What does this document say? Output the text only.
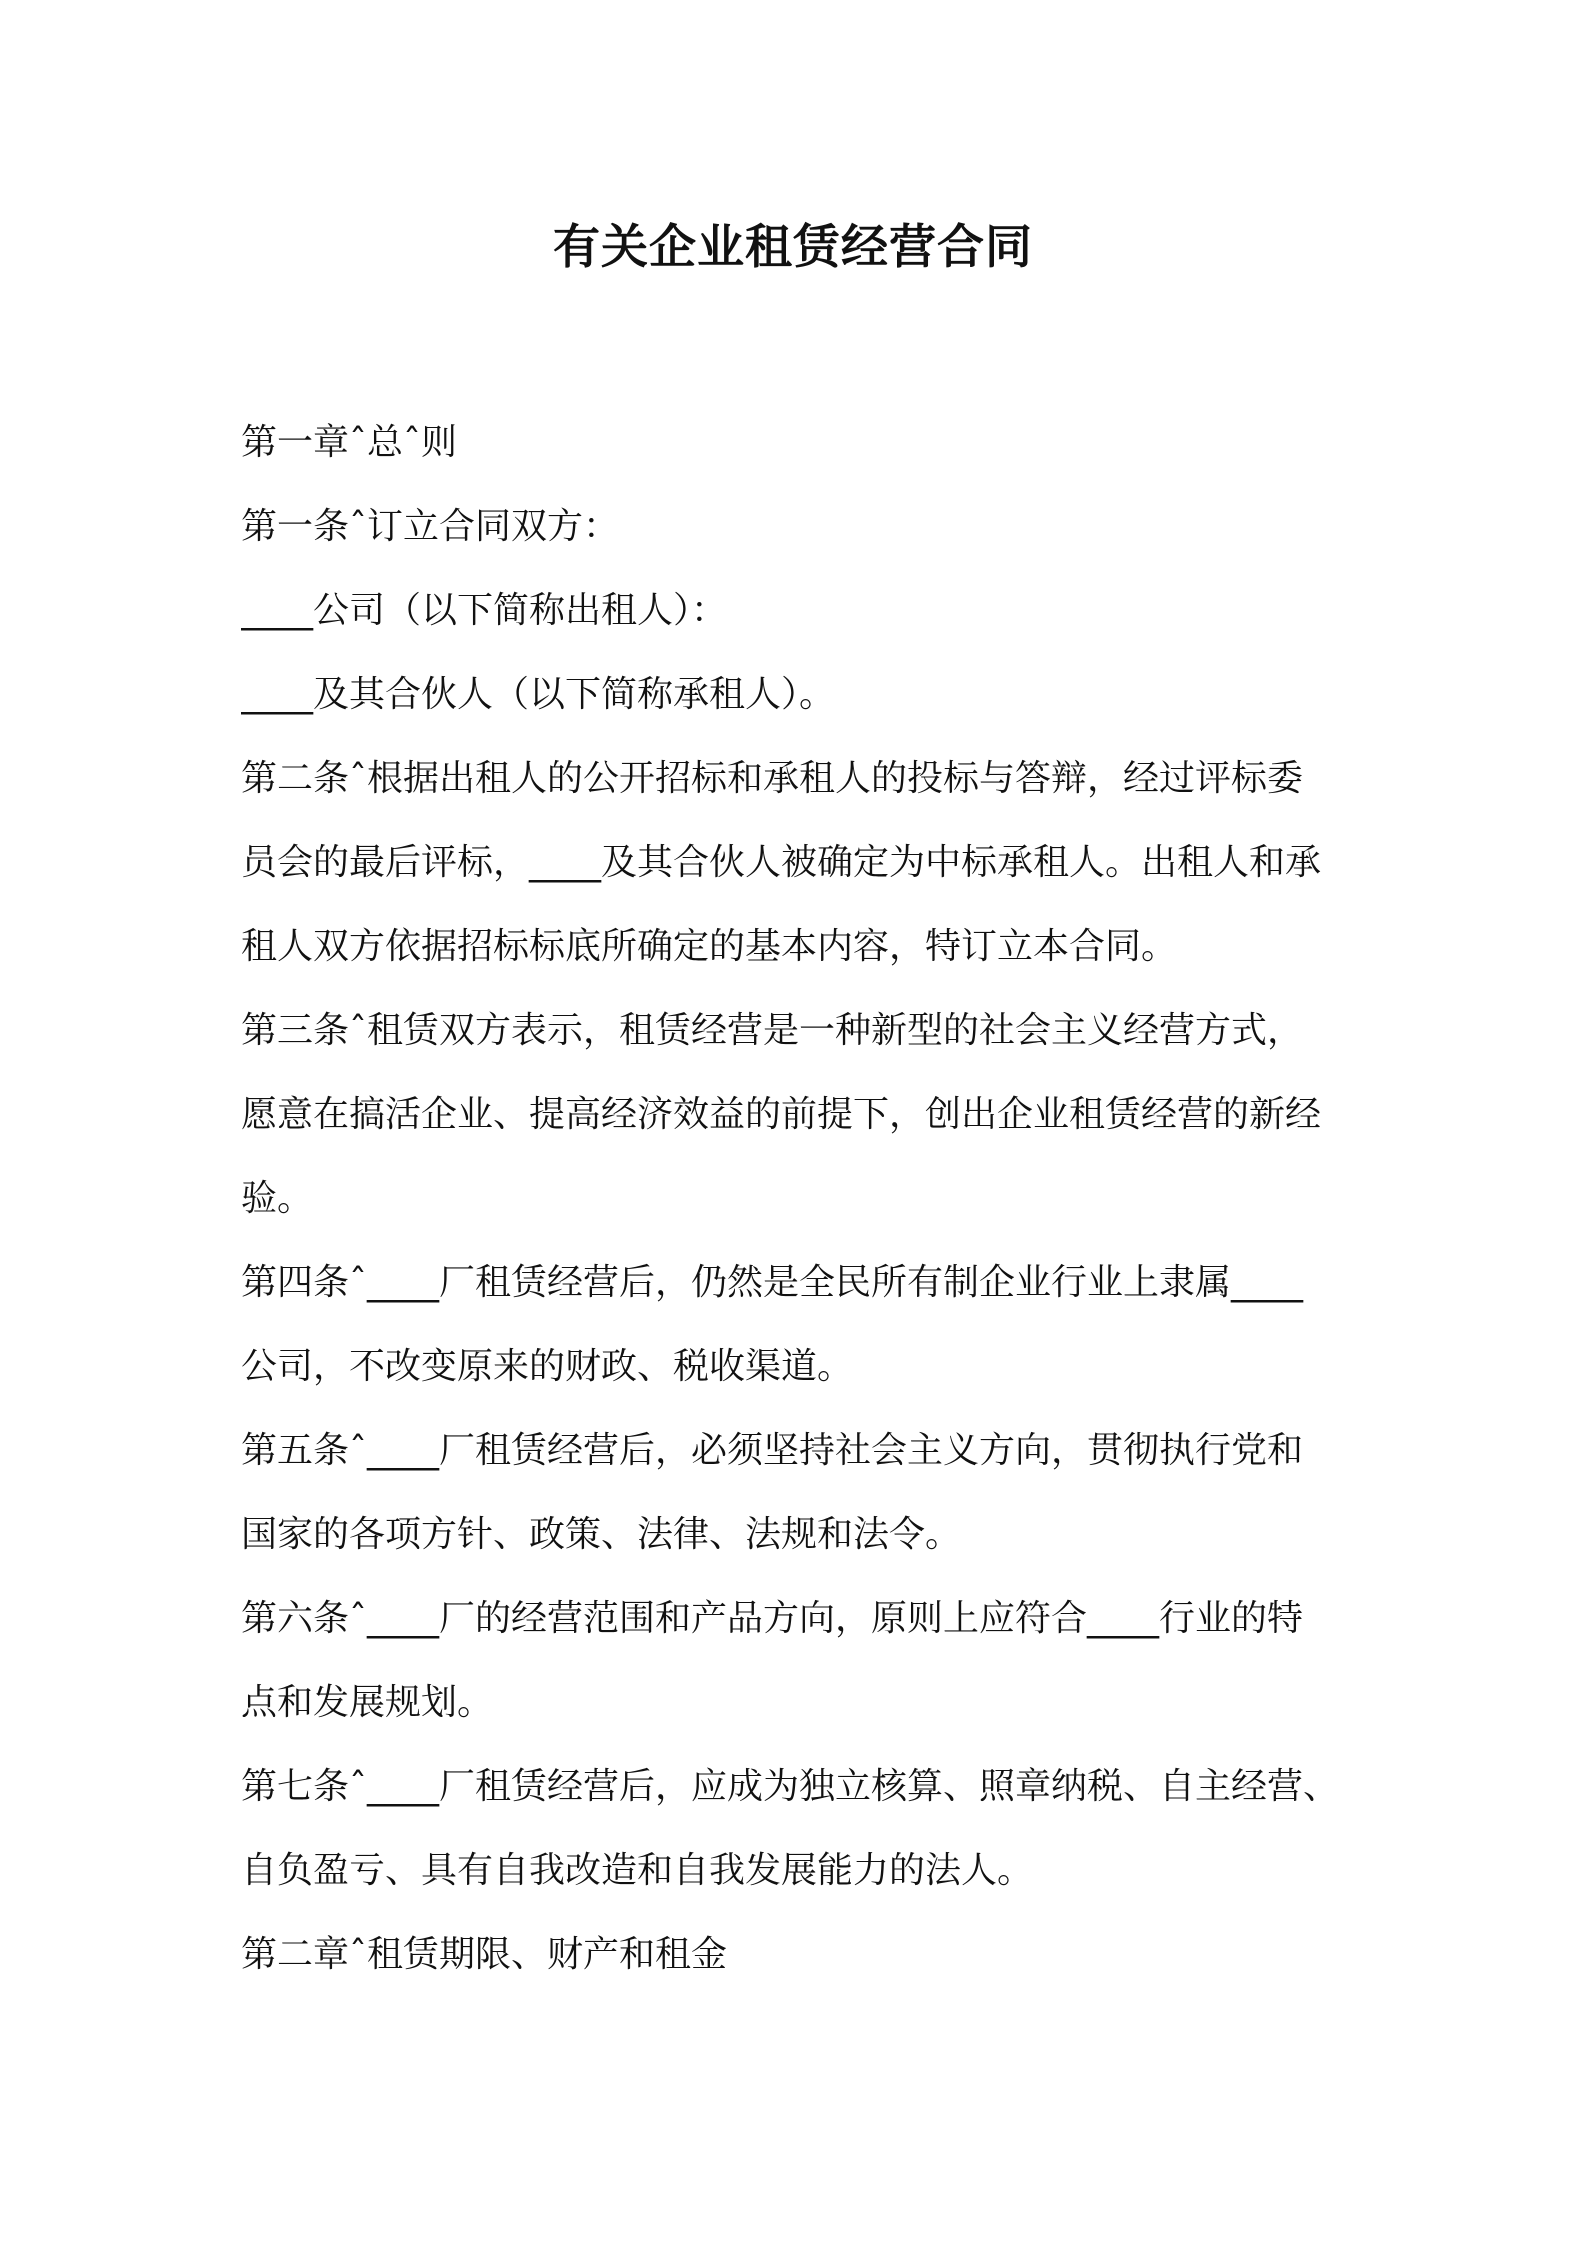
有关企业租赁经营合同
第一章ˆ总ˆ则
第一条ˆ订立合同双方：
____公司（以下简称出租人）：
____及其合伙人（以下简称承租人）。
第二条ˆ根据出租人的公开招标和承租人的投标与答辩，经过评标委
员会的最后评标，____及其合伙人被确定为中标承租人。出租人和承
租人双方依据招标标底所确定的基本内容，特订立本合同。
第三条ˆ租赁双方表示，租赁经营是一种新型的社会主义经营方式，
愿意在搞活企业、提高经济效益的前提下，创出企业租赁经营的新经
验。
第四条ˆ____厂租赁经营后，仍然是全民所有制企业行业上隶属____
公司，不改变原来的财政、税收渠道。
第五条ˆ____厂租赁经营后，必须坚持社会主义方向，贯彻执行党和
国家的各项方针、政策、法律、法规和法令。
第六条ˆ____厂的经营范围和产品方向，原则上应符合____行业的特
点和发展规划。
第七条ˆ____厂租赁经营后，应成为独立核算、照章纳税、自主经营、
自负盈亏、具有自我改造和自我发展能力的法人。
第二章ˆ租赁期限、财产和租金
